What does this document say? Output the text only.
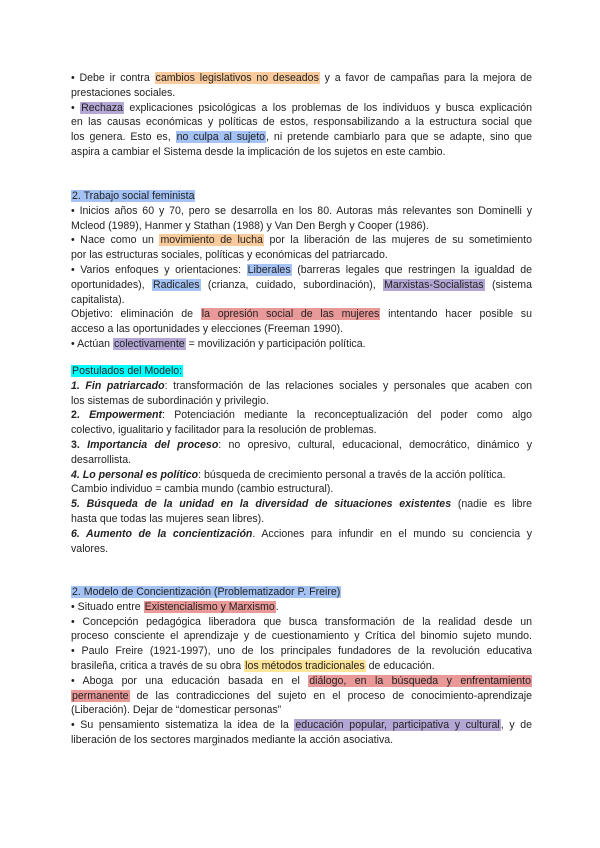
• Debe ir contra cambios legislativos no deseados y a favor de campañas para la mejora de
prestaciones sociales.
• Rechaza explicaciones psicológicas a los problemas de los individuos y busca explicación
en las causas económicas y políticas de estos, responsabilizando a la estructura social que
los genera. Esto es, no culpa al sujeto, ni pretende cambiarlo para que se adapte, sino que
aspira a cambiar el Sistema desde la implicación de los sujetos en este cambio.
2. Trabajo social feminista
• Inicios años 60 y 70, pero se desarrolla en los 80. Autoras más relevantes son Dominelli y
Mcleod (1989), Hanmer y Stathan (1988) y Van Den Bergh y Cooper (1986).
• Nace como un movimiento de lucha por la liberación de las mujeres de su sometimiento
por las estructuras sociales, políticas y económicas del patriarcado.
• Varios enfoques y orientaciones: Liberales (barreras legales que restringen la igualdad de
oportunidades), Radicales (crianza, cuidado, subordinación), Marxistas-Socialistas (sistema
capitalista).
Objetivo: eliminación de la opresión social de las mujeres intentando hacer posible su
acceso a las oportunidades y elecciones (Freeman 1990).
• Actúan colectivamente = movilización y participación política.
Postulados del Modelo:
1. Fin patriarcado: transformación de las relaciones sociales y personales que acaben con
los sistemas de subordinación y privilegio.
2. Empowerment: Potenciación mediante la reconceptualización del poder como algo
colectivo, igualitario y facilitador para la resolución de problemas.
3. Importancia del proceso: no opresivo, cultural, educacional, democrático, dinámico y
desarrollista.
4. Lo personal es político: búsqueda de crecimiento personal a través de la acción política.
Cambio individuo = cambia mundo (cambio estructural).
5. Búsqueda de la unidad en la diversidad de situaciones existentes (nadie es libre
hasta que todas las mujeres sean libres).
6. Aumento de la concientización. Acciones para infundir en el mundo su conciencia y
valores.
2. Modelo de Concientización (Problematizador P. Freire)
• Situado entre Existencialismo y Marxismo.
• Concepción pedagógica liberadora que busca transformación de la realidad desde un
proceso consciente el aprendizaje y de cuestionamiento y Crítica del binomio sujeto mundo.
• Paulo Freire (1921-1997), uno de los principales fundadores de la revolución educativa
brasileña, critica a través de su obra los métodos tradicionales de educación.
• Aboga por una educación basada en el diálogo, en la búsqueda y enfrentamiento
permanente de las contradicciones del sujeto en el proceso de conocimiento-aprendizaje
(Liberación). Dejar de “domesticar personas”
• Su pensamiento sistematiza la idea de la educación popular, participativa y cultural, y de
liberación de los sectores marginados mediante la acción asociativa.
